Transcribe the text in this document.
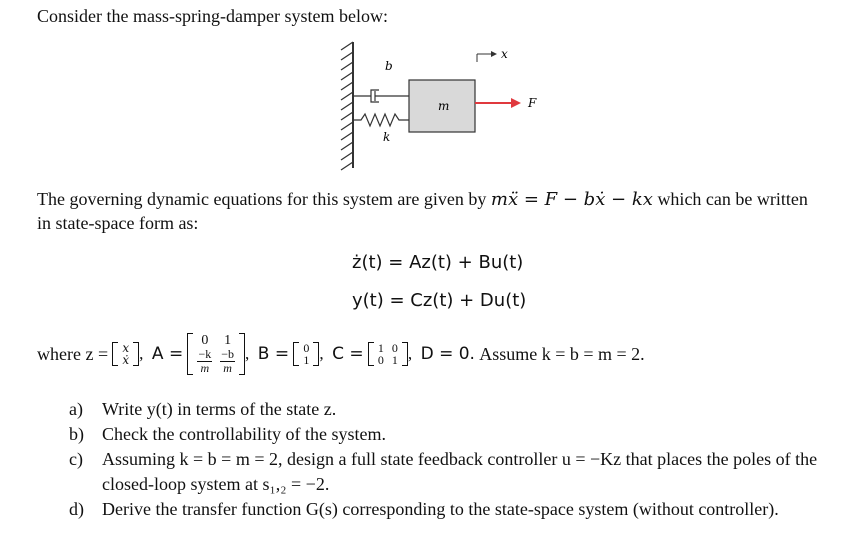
Consider the mass-spring-damper system below:
b
k
m	F
x
The governing dynamic equations for this system are given by mẍ = F − bẋ − kx which can be written
in state-space form as:
ż(t) = Az(t) + Bu(t)
y(t) = Cz(t) + Du(t)
where z =
x
ẋ , A =

0	1

$\frac{-k}{m}$	$\frac{-b}{m}$ , B =
0
1 , C =
1	0
0	1 , D = 0.
Assume k = b = m = 2.
a) Write y(t) in terms of the state z.
b) Check the controllability of the system.
c) Assuming k = b = m = 2, design a full state feedback controller u = −Kz that places the poles of the closed-loop system at s₁,₂ = −2.
d) Derive the transfer function G(s) corresponding to the state-space system (without controller).
